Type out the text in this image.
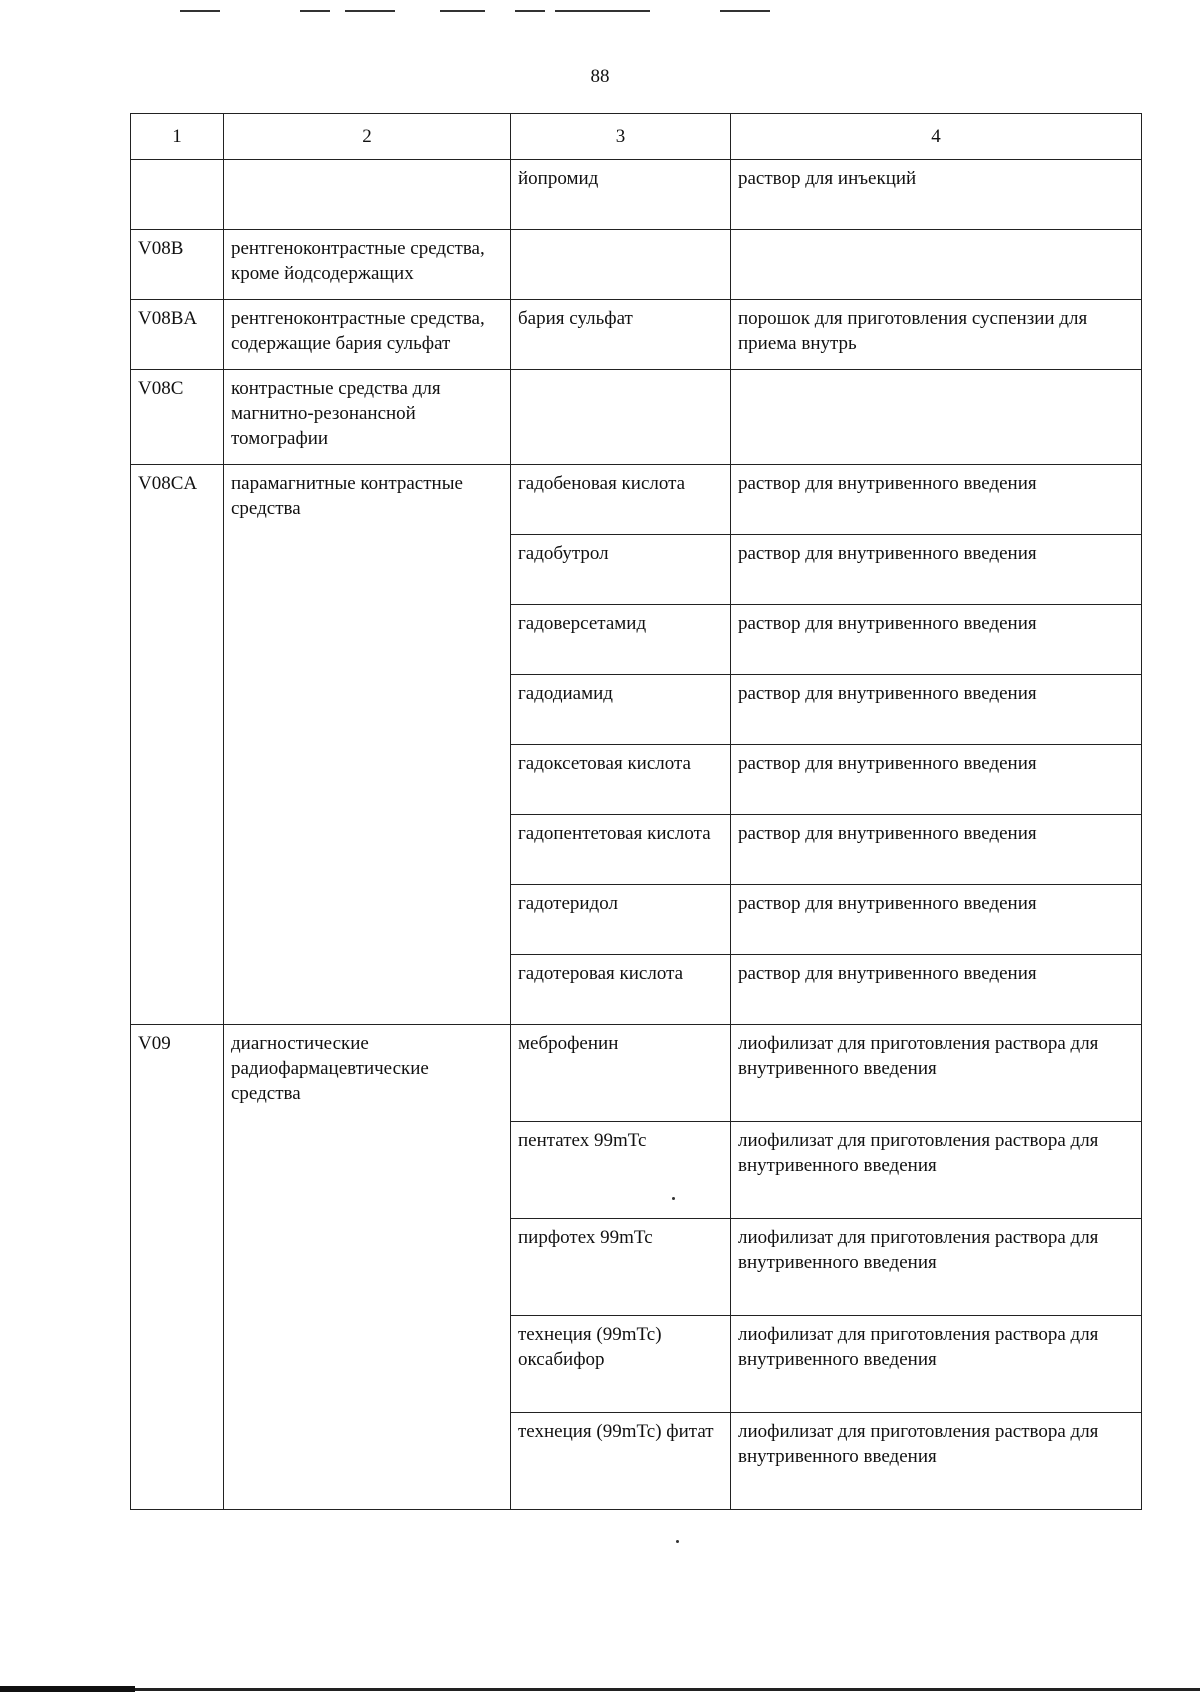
88
1	2	3	4
		йопромид	раствор для инъекций
V08B	рентгеноконтрастные средства, кроме йодсодержащих		
V08BA	рентгеноконтрастные средства, содержащие бария сульфат	бария сульфат	порошок для приготовления суспензии для приема внутрь
V08C	контрастные средства для магнитно-резонансной томографии		
V08CA	парамагнитные контрастные средства	гадобеновая кислота	раствор для внутривенного введения
		гадобутрол	раствор для внутривенного введения
		гадоверсетамид	раствор для внутривенного введения
		гадодиамид	раствор для внутривенного введения
		гадоксетовая кислота	раствор для внутривенного введения
		гадопентетовая кислота	раствор для внутривенного введения
		гадотеридол	раствор для внутривенного введения
		гадотеровая кислота	раствор для внутривенного введения
V09	диагностические радиофармацевтические средства	меброфенин	лиофилизат для приготовления раствора для внутривенного введения
		пентатех 99mTc	лиофилизат для приготовления раствора для внутривенного введения
		пирфотех 99mTc	лиофилизат для приготовления раствора для внутривенного введения
		технеция (99mTc) оксабифор	лиофилизат для приготовления раствора для внутривенного введения
		технеция (99mTc) фитат	лиофилизат для приготовления раствора для внутривенного введения
